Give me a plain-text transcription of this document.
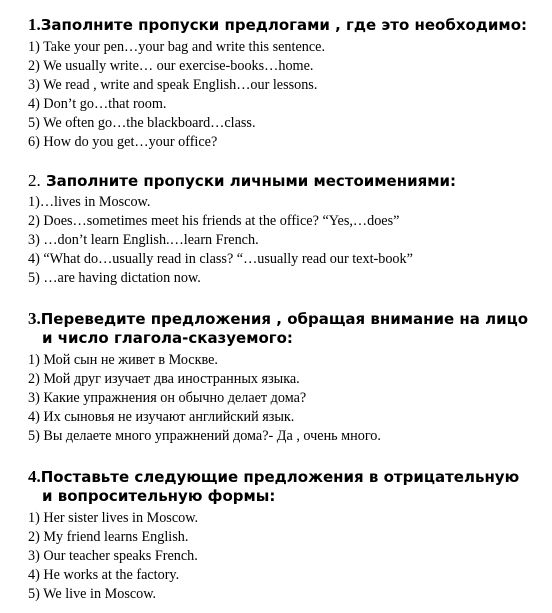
1.Заполните пропуски предлогами , где это необходимо:
1) Take your pen…your bag and write this sentence.
2) We usually write… our exercise-books…home.
3) We read , write and speak English…our lessons.
4) Don’t go…that room.
5) We often go…the blackboard…class.
6) How do you get…your office?
2. Заполните пропуски личными местоимениями:
1)…lives in Moscow.
2) Does…sometimes meet his friends at the office? “Yes,…does”
3) …don’t learn English.…learn French.
4) “What do…usually read in class? “…usually read our text-book”
5) …are having dictation now.
3.Переведите предложения , обращая внимание на лицо
и число глагола-сказуемого:
1) Мой сын не живет в Москве.
2) Мой друг изучает два иностранных языка.
3) Какие упражнения он обычно делает дома?
4) Их сыновья не изучают английский язык.
5) Вы делаете много упражнений дома?- Да , очень много.
4.Поставьте следующие предложения в отрицательную
и вопросительную формы:
1) Her sister lives in Moscow.
2) My friend learns English.
3) Our teacher speaks French.
4) He works at the factory.
5) We live in Moscow.
